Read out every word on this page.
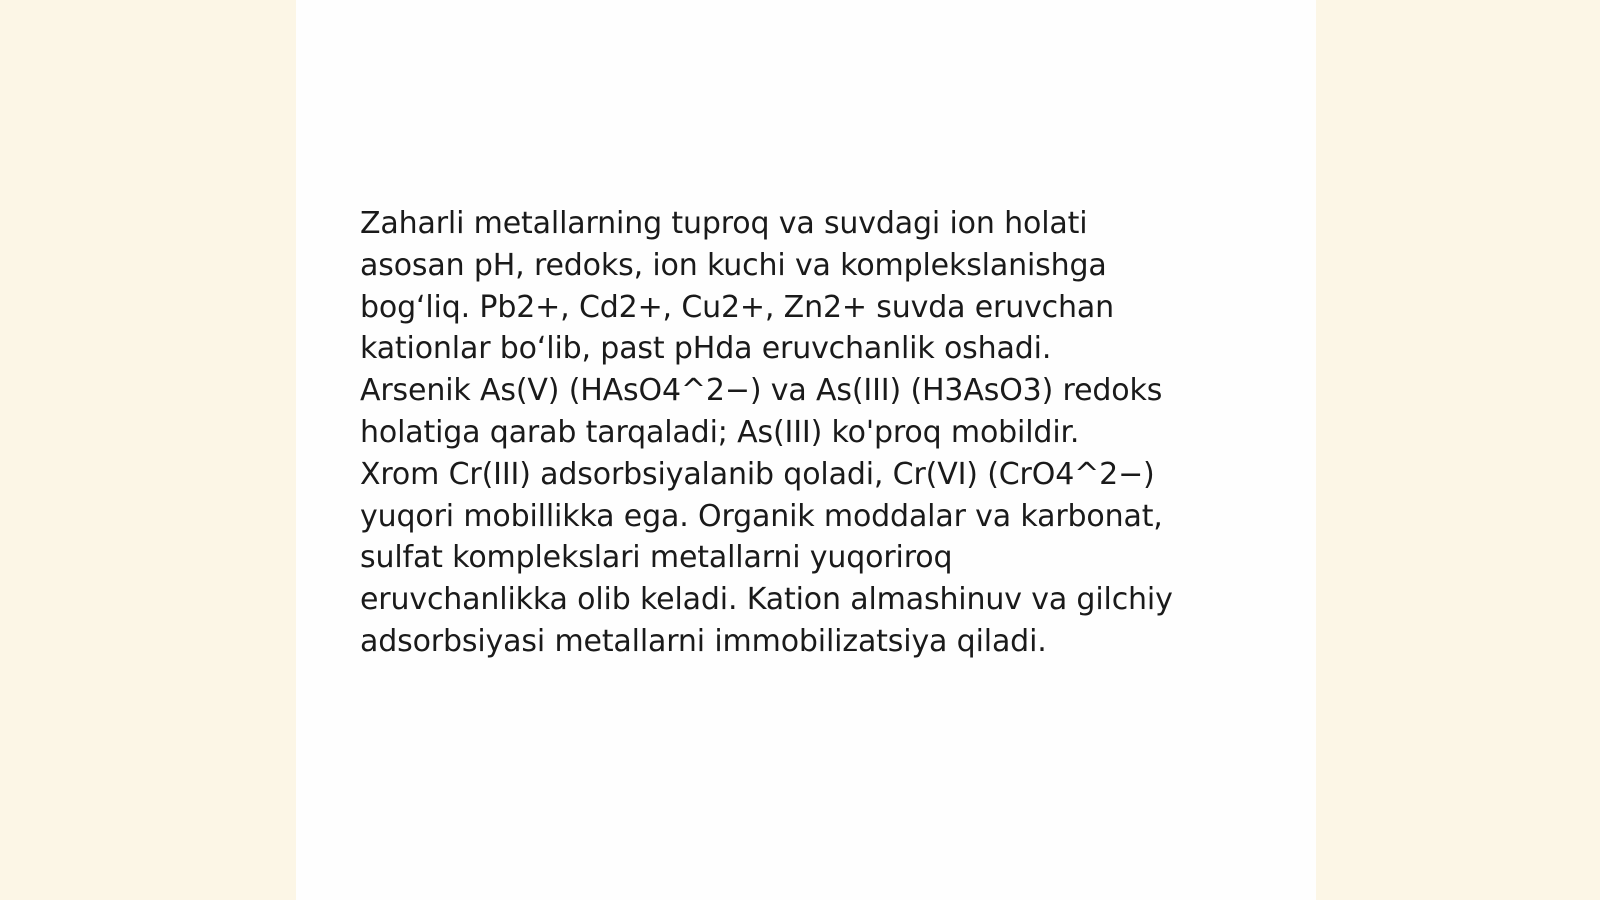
Zaharli metallarning tuproq va suvdagi ion holati
asosan pH, redoks, ion kuchi va komplekslanishga
bog‘liq. Pb2+, Cd2+, Cu2+, Zn2+ suvda eruvchan
kationlar bo‘lib, past pHda eruvchanlik oshadi.
Arsenik As(V) (HAsO4^2−) va As(III) (H3AsO3) redoks
holatiga qarab tarqaladi; As(III) ko'proq mobildir.
Xrom Cr(III) adsorbsiyalanib qoladi, Cr(VI) (CrO4^2−)
yuqori mobillikka ega. Organik moddalar va karbonat,
sulfat komplekslari metallarni yuqoriroq
eruvchanlikka olib keladi. Kation almashinuv va gilchiy
adsorbsiyasi metallarni immobilizatsiya qiladi.
